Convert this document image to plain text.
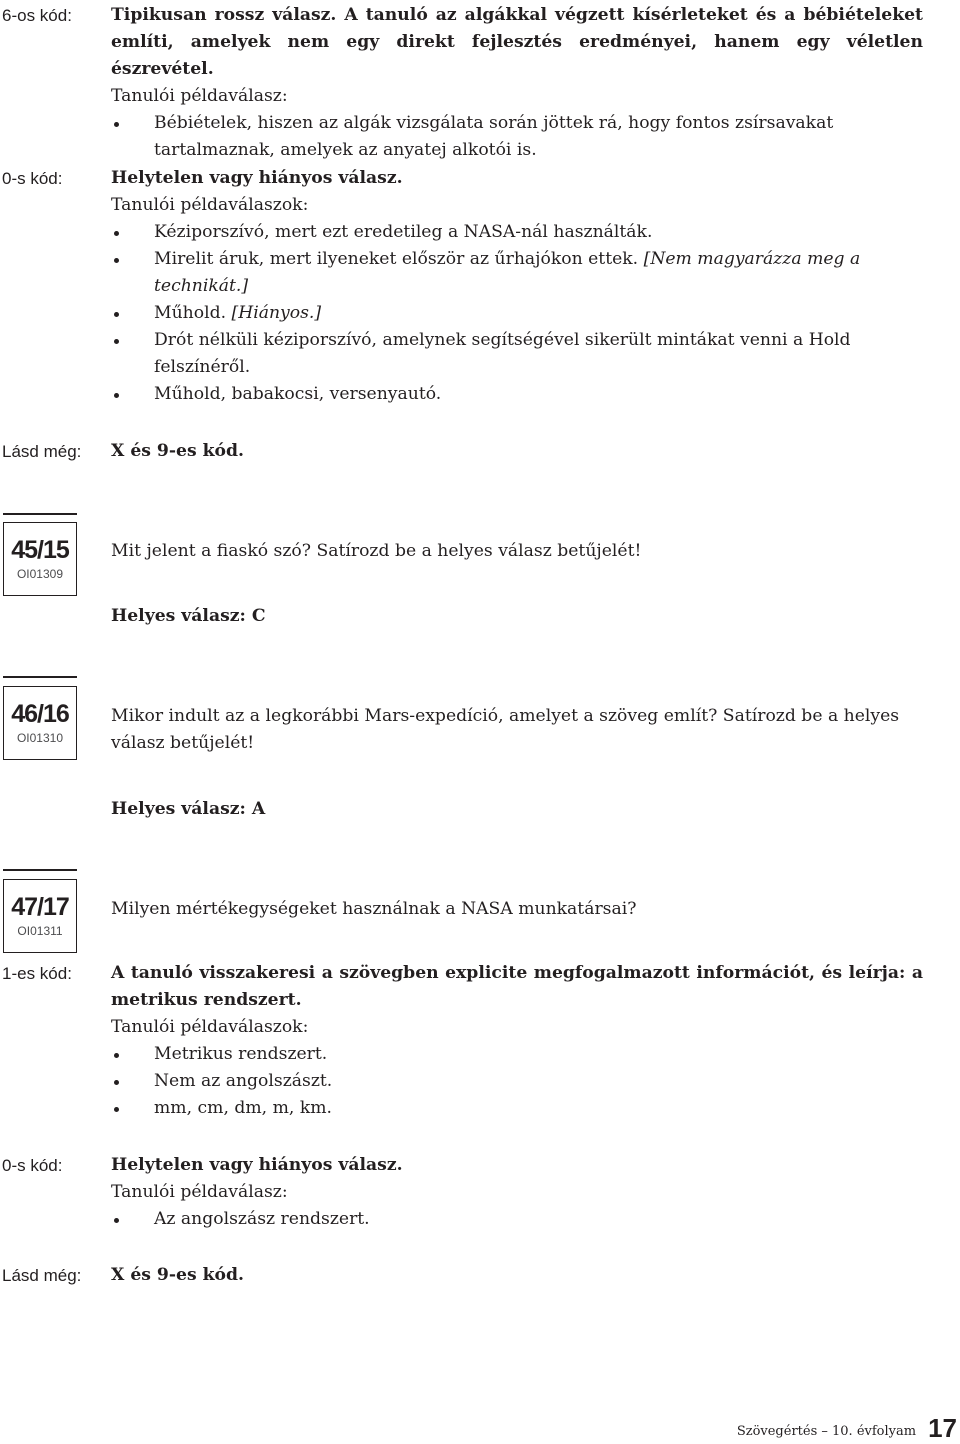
6-os kód: Tipikusan rossz válasz. A tanuló az algákkal végzett kísérleteket és a bébiételeket említi, amelyek nem egy direkt fejlesztés eredményei, hanem egy véletlen észrevétel.
Tanulói példaválasz:
Bébiételek, hiszen az algák vizsgálata során jöttek rá, hogy fontos zsírsavakat tartalmaznak, amelyek az anyatej alkotói is.
0-s kód:	Helytelen vagy hiányos válasz.
Tanulói példaválaszok:
Kéziporszívó, mert ezt eredetileg a NASA-nál használták.
Mirelit áruk, mert ilyeneket először az űrhajókon ettek. [Nem magyarázza meg a technikát.]
Műhold. [Hiányos.]
Drót nélküli kéziporszívó, amelynek segítségével sikerült mintákat venni a Hold felszínéről.
Műhold, babakocsi, versenyautó.
Lásd még: X és 9-es kód.
45/15
OI01309
Mit jelent a fiaskó szó? Satírozd be a helyes válasz betűjelét!
Helyes válasz: C
46/16
OI01310
Mikor indult az a legkorábbi Mars-expedíció, amelyet a szöveg említ? Satírozd be a helyes válasz betűjelét!
Helyes válasz: A
47/17
OI01311
Milyen mértékegységeket használnak a NASA munkatársai?
1-es kód: A tanuló visszakeresi a szövegben explicite megfogalmazott információt, és leírja: a metrikus rendszert.
Tanulói példaválaszok:
Metrikus rendszert.
Nem az angolszászt.
mm, cm, dm, m, km.
0-s kód:	Helytelen vagy hiányos válasz.
Tanulói példaválasz:
Az angolszász rendszert.
Lásd még: X és 9-es kód.
Szövegértés – 10. évfolyam 17
